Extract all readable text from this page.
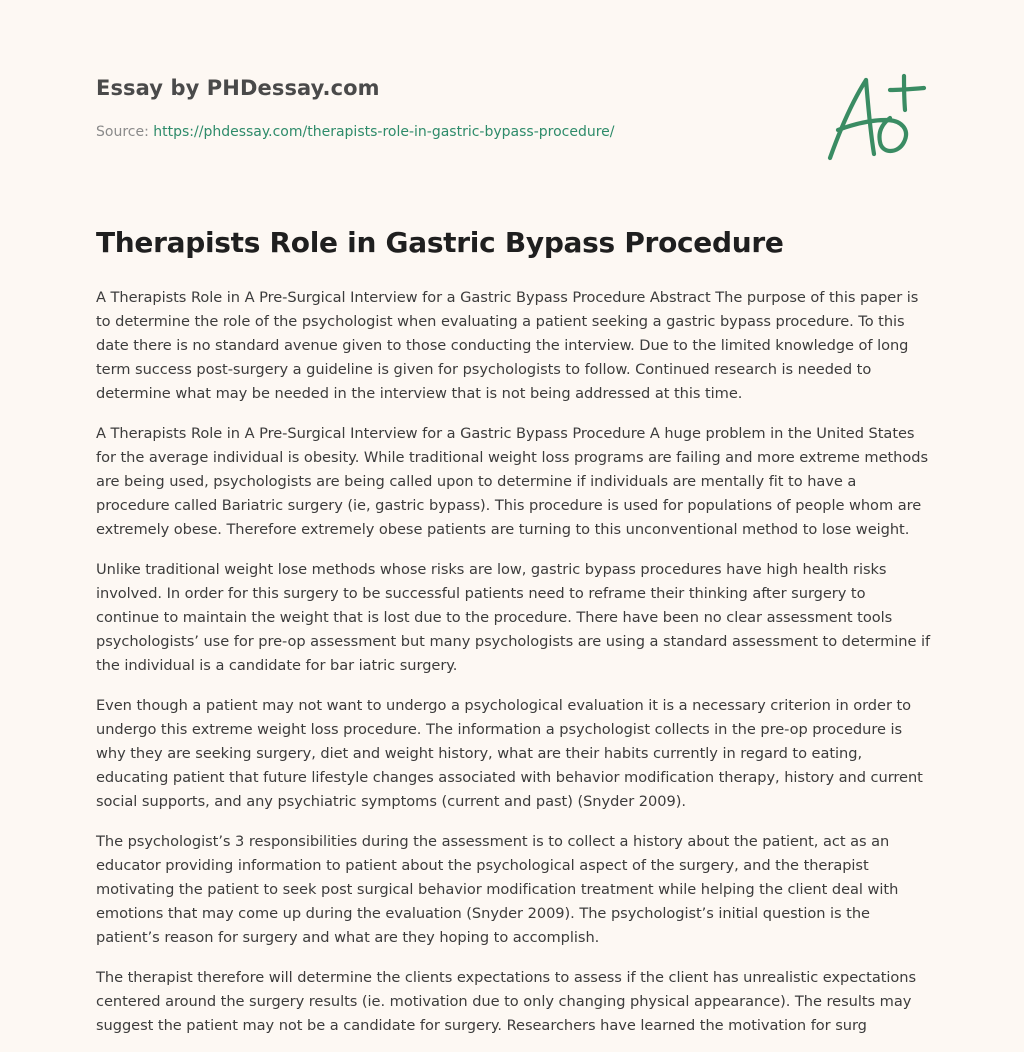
Essay by PHDessay.com
Source: https://phdessay.com/therapists-role-in-gastric-bypass-procedure/
Therapists Role in Gastric Bypass Procedure

A Therapists Role in A Pre-Surgical Interview for a Gastric Bypass Procedure Abstract The purpose of this paper is to determine the role of the psychologist when evaluating a patient seeking a gastric bypass procedure. To this date there is no standard avenue given to those conducting the interview. Due to the limited knowledge of long term success post-surgery a guideline is given for psychologists to follow. Continued research is needed to determine what may be needed in the interview that is not being addressed at this time.

A Therapists Role in A Pre-Surgical Interview for a Gastric Bypass Procedure A huge problem in the United States for the average individual is obesity. While traditional weight loss programs are failing and more extreme methods are being used, psychologists are being called upon to determine if individuals are mentally fit to have a procedure called Bariatric surgery (ie, gastric bypass). This procedure is used for populations of people whom are extremely obese. Therefore extremely obese patients are turning to this unconventional method to lose weight.

Unlike traditional weight lose methods whose risks are low, gastric bypass procedures have high health risks involved. In order for this surgery to be successful patients need to reframe their thinking after surgery to continue to maintain the weight that is lost due to the procedure. There have been no clear assessment tools psychologists’ use for pre-op assessment but many psychologists are using a standard assessment to determine if the individual is a candidate for bar iatric surgery.

Even though a patient may not want to undergo a psychological evaluation it is a necessary criterion in order to undergo this extreme weight loss procedure. The information a psychologist collects in the pre-op procedure is why they are seeking surgery, diet and weight history, what are their habits currently in regard to eating, educating patient that future lifestyle changes associated with behavior modification therapy, history and current social supports, and any psychiatric symptoms (current and past) (Snyder 2009).

The psychologist’s 3 responsibilities during the assessment is to collect a history about the patient, act as an educator providing information to patient about the psychological aspect of the surgery, and the therapist motivating the patient to seek post surgical behavior modification treatment while helping the client deal with emotions that may come up during the evaluation (Snyder 2009). The psychologist’s initial question is the patient’s reason for surgery and what are they hoping to accomplish.

The therapist therefore will determine the clients expectations to assess if the client has unrealistic expectations centered around the surgery results (ie. motivation due to only changing physical appearance). The results may suggest the patient may not be a candidate for surgery. Researchers have learned the motivation for surg
